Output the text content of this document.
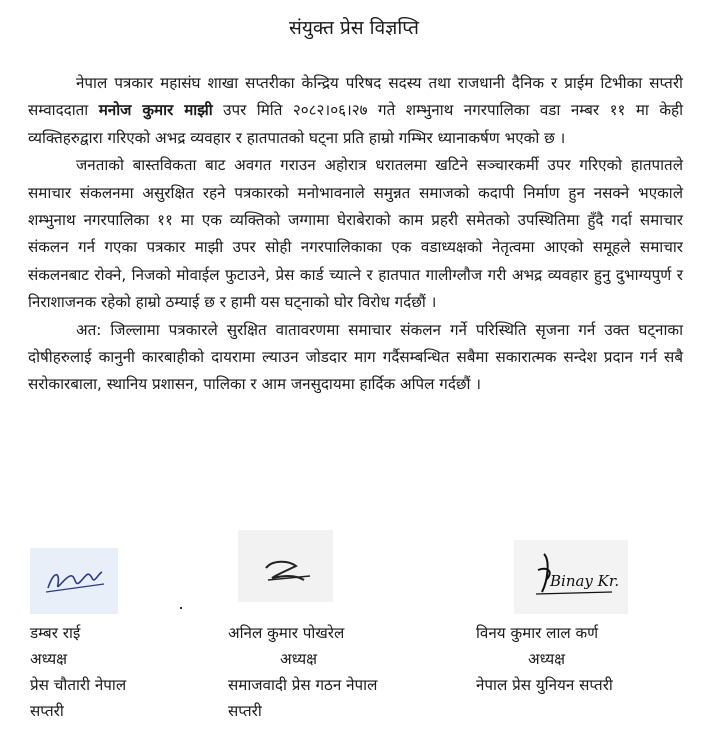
संयुक्त प्रेस विज्ञप्ति

नेपाल पत्रकार महासंघ शाखा सप्तरीका केन्द्रिय परिषद सदस्य तथा राजधानी दैनिक र प्राईम टिभीका सप्तरी सम्वाददाता मनोज कुमार माझी उपर मिति २०८२।०६।२७ गते शम्भुनाथ नगरपालिका वडा नम्बर ११ मा केही व्यक्तिहरुद्वारा गरिएको अभद्र व्यवहार र हातपातको घट्ना प्रति हाम्रो गम्भिर ध्यानाकर्षण भएको छ ।

जनताको बास्तविकता बाट अवगत गराउन अहोरात्र धरातलमा खटिने सञ्चारकर्मी उपर गरिएको हातपातले समाचार संकलनमा असुरक्षित रहने पत्रकारको मनोभावनाले समुन्नत समाजको कदापी निर्माण हुन नसक्ने भएकाले शम्भुनाथ नगरपालिका ११ मा एक व्यक्तिको जग्गामा घेराबेराको काम प्रहरी समेतको उपस्थितिमा हुँदै गर्दा समाचार संकलन गर्न गएका पत्रकार माझी उपर सोही नगरपालिकाका एक वडाध्यक्षको नेतृत्वमा आएको समूहले समाचार संकलनबाट रोक्ने, निजको मोवाईल फुटाउने, प्रेस कार्ड च्यात्ने र हातपात गालीग्लौज गरी अभद्र व्यवहार हुनु दुभाग्यपुर्ण र निराशाजनक रहेको हाम्रो ठम्याई छ र हामी यस घट्नाको घोर विरोध गर्दछौं ।

अत: जिल्लामा पत्रकारले सुरक्षित वातावरणमा समाचार संकलन गर्ने परिस्थिति सृजना गर्न उक्त घट्नाका दोषीहरुलाई कानुनी कारबाहीको दायरामा ल्याउन जोडदार माग गर्दैसम्बन्धित सबैमा सकारात्मक सन्देश प्रदान गर्न सबै सरोकारबाला, स्थानिय प्रशासन, पालिका र आम जनसुदायमा हार्दिक अपिल गर्दछौं ।

Binay Kr.
डम्बर राई
अध्यक्ष
प्रेस चौतारी नेपाल
सप्तरी
अनिल कुमार पोखरेल
अध्यक्ष
समाजवादी प्रेस गठन नेपाल
सप्तरी
विनय कुमार लाल कर्ण
अध्यक्ष
नेपाल प्रेस युनियन सप्तरी
